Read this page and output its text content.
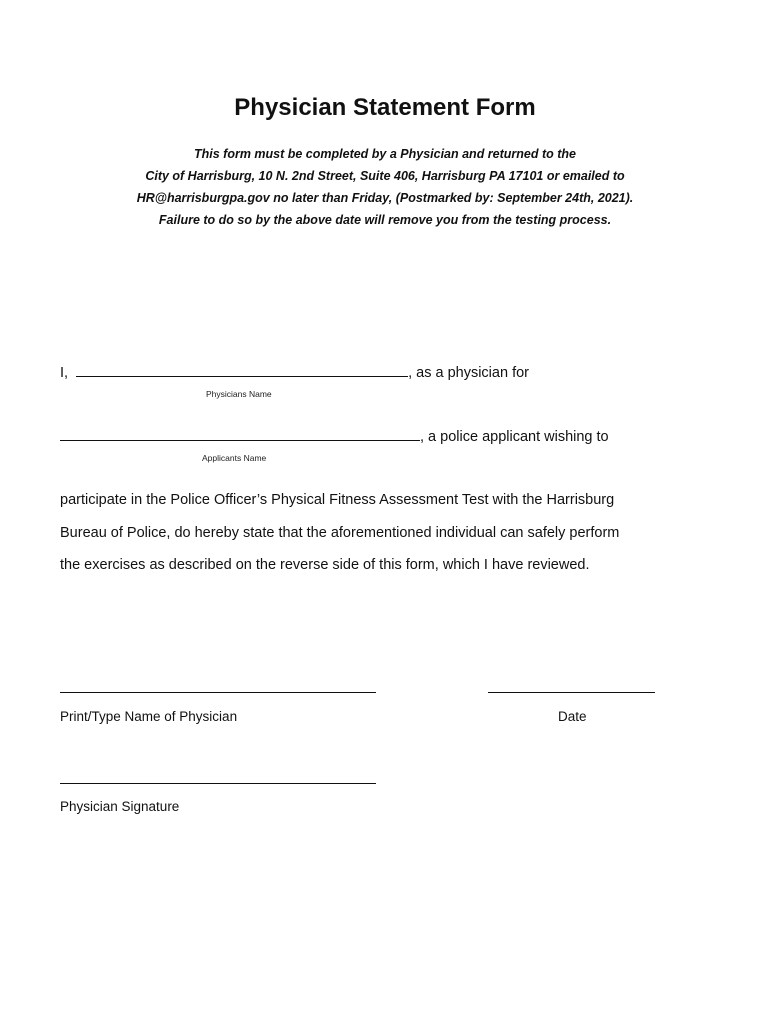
Physician Statement Form
This form must be completed by a Physician and returned to the
City of Harrisburg, 10 N. 2nd Street, Suite 406, Harrisburg PA 17101 or emailed to
HR@harrisburgpa.gov no later than Friday, (Postmarked by: September 24th, 2021).
Failure to do so by the above date will remove you from the testing process.
I,	, as a physician for
Physicians Name
, a police applicant wishing to
Applicants Name
participate in the Police Officer’s Physical Fitness Assessment Test with the Harrisburg
Bureau of Police, do hereby state that the aforementioned individual can safely perform
the exercises as described on the reverse side of this form, which I have reviewed.
Print/Type Name of Physician	Date
Physician Signature
